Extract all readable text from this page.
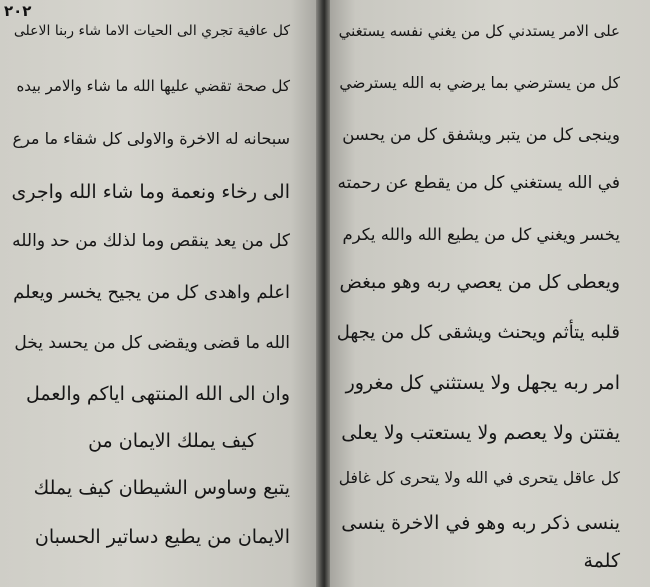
٢٠٢
كل عافية تجري الى الحيات الاما شاء ربنا الاعلى
كل صحة تقضي عليها الله ما شاء والامر بيده
سبحانه له الاخرة والاولى كل شقاء ما مرع
الى رخاء ونعمة وما شاء الله واجرى
كل من يعد ينقص وما لذلك من حد والله
اعلم واهدى كل من يجيح يخسر ويعلم
الله ما قضى ويقضى كل من يحسد يخل
وان الى الله المنتهى اياكم والعمل
كيف يملك الايمان من
يتبع وساوس الشيطان كيف يملك
الايمان من يطيع دساتير الحسبان
على الامر يستدني كل من يغني نفسه يستغني
كل من يسترضي بما يرضي به الله يسترضي
وينجى كل من يتبر ويشفق كل من يحسن
في الله يستغني كل من يقطع عن رحمته
يخسر ويغني كل من يطيع الله والله يكرم
ويعطى كل من يعصي ربه وهو مبغض
قلبه يتأثم ويحنث ويشقى كل من يجهل
امر ربه يجهل ولا يستثني كل مغرور
يفتتن ولا يعصم ولا يستعتب ولا يعلى
كل عاقل يتحرى في الله ولا يتحرى كل غافل
ينسى ذكر ربه وهو في الاخرة ينسى
كلمة
